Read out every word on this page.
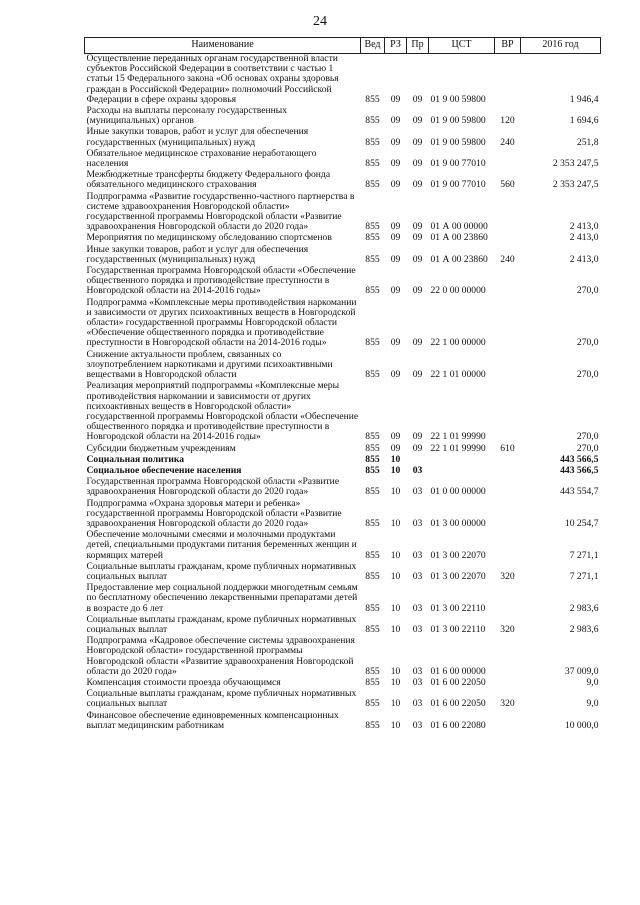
24
Наименование	Вед	РЗ	Пр	ЦСТ	ВР	2016 год
Осуществление переданных органам государственной власти субъектов Российской Федерации в соответствии с частью 1 статьи 15 Федерального закона «Об основах охраны здоровья граждан в Российской Федерации» полномочий Российской Федерации в сфере охраны здоровья	855	09	09	01 9 00 59800		1 946,4
Расходы на выплаты персоналу государственных (муниципальных) органов	855	09	09	01 9 00 59800	120	1 694,6
Иные закупки товаров, работ и услуг для обеспечения государственных (муниципальных) нужд	855	09	09	01 9 00 59800	240	251,8
Обязательное медицинское страхование неработающего населения	855	09	09	01 9 00 77010		2 353 247,5
Межбюджетные трансферты бюджету Федерального фонда обязательного медицинского страхования	855	09	09	01 9 00 77010	560	2 353 247,5
Подпрограмма «Развитие государственно-частного партнерства в системе здравоохранения Новгородской области» государственной программы Новгородской области «Развитие здравоохранения Новгородской области до 2020 года»	855	09	09	01 А 00 00000		2 413,0
Мероприятия по медицинскому обследованию спортсменов	855	09	09	01 А 00 23860		2 413,0
Иные закупки товаров, работ и услуг для обеспечения государственных (муниципальных) нужд	855	09	09	01 А 00 23860	240	2 413,0
Государственная программа Новгородской области «Обеспечение общественного порядка и противодействие преступности в Новгородской области на 2014-2016 годы»	855	09	09	22 0 00 00000		270,0
Подпрограмма «Комплексные меры противодействия наркомании и зависимости от других психоактивных веществ в Новгородской области» государственной программы Новгородской области «Обеспечение общественного порядка и противодействие преступности в Новгородской области на 2014-2016 годы»	855	09	09	22 1 00 00000		270,0
Снижение актуальности проблем, связанных со злоупотреблением наркотиками и другими психоактивными веществами в Новгородской области	855	09	09	22 1 01 00000		270,0
Реализация мероприятий подпрограммы «Комплексные меры противодействия наркомании и зависимости от других психоактивных веществ в Новгородской области» государственной программы Новгородской области «Обеспечение общественного порядка и противодействие преступности в Новгородской области на 2014-2016 годы»	855	09	09	22 1 01 99990		270,0
Субсидии бюджетным учреждениям	855	09	09	22 1 01 99990	610	270,0
Социальная политика	855	10				443 566,5
Социальное обеспечение населения	855	10	03			443 566,5
Государственная программа Новгородской области «Развитие здравоохранения Новгородской области до 2020 года»	855	10	03	01 0 00 00000		443 554,7
Подпрограмма «Охрана здоровья матери и ребенка» государственной программы Новгородской области «Развитие здравоохранения Новгородской области до 2020 года»	855	10	03	01 3 00 00000		10 254,7
Обеспечение молочными смесями и молочными продуктами детей, специальными продуктами питания беременных женщин и кормящих матерей	855	10	03	01 3 00 22070		7 271,1
Социальные выплаты гражданам, кроме публичных нормативных социальных выплат	855	10	03	01 3 00 22070	320	7 271,1
Предоставление мер социальной поддержки многодетным семьям по бесплатному обеспечению лекарственными препаратами детей в возрасте до 6 лет	855	10	03	01 3 00 22110		2 983,6
Социальные выплаты гражданам, кроме публичных нормативных социальных выплат	855	10	03	01 3 00 22110	320	2 983,6
Подпрограмма «Кадровое обеспечение системы здравоохранения Новгородской области» государственной программы Новгородской области «Развитие здравоохранения Новгородской области до 2020 года»	855	10	03	01 6 00 00000		37 009,0
Компенсация стоимости проезда обучающимся	855	10	03	01 6 00 22050		9,0
Социальные выплаты гражданам, кроме публичных нормативных социальных выплат	855	10	03	01 6 00 22050	320	9,0
Финансовое обеспечение единовременных компенсационных выплат медицинским работникам	855	10	03	01 6 00 22080		10 000,0
